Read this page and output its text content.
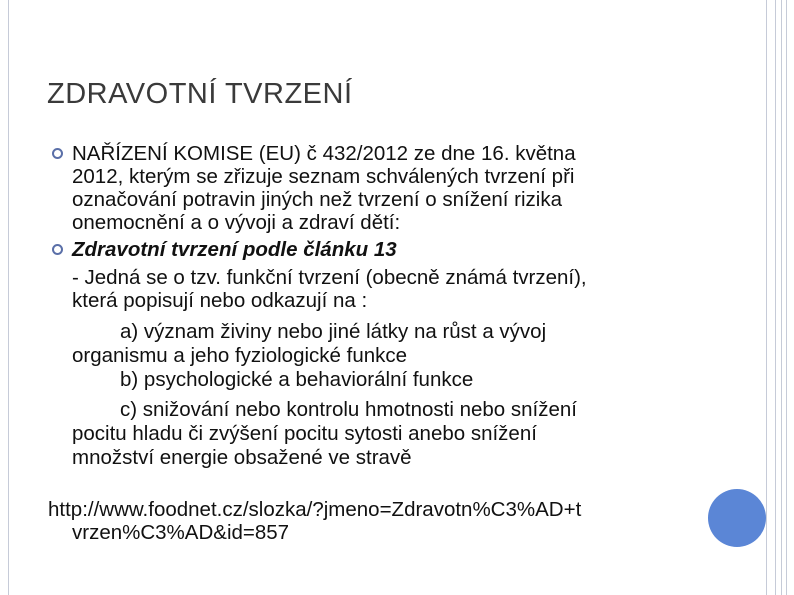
ZDRAVOTNÍ TVRZENÍ
NAŘÍZENÍ KOMISE (EU) č 432/2012 ze dne 16. května
2012, kterým se zřizuje seznam schválených tvrzení při
označování potravin jiných než tvrzení o snížení rizika
onemocnění a o vývoji a zdraví dětí:
Zdravotní tvrzení podle článku 13
- Jedná se o tzv. funkční tvrzení (obecně známá tvrzení),
která popisují nebo odkazují na :
a) význam živiny nebo jiné látky na růst a vývoj
organismu a jeho fyziologické funkce
b) psychologické a behaviorální funkce
c) snižování nebo kontrolu hmotnosti nebo snížení
pocitu hladu či zvýšení pocitu sytosti anebo snížení
množství energie obsažené ve stravě
http://www.foodnet.cz/slozka/?jmeno=Zdravotn%C3%AD+t
vrzen%C3%AD&id=857
